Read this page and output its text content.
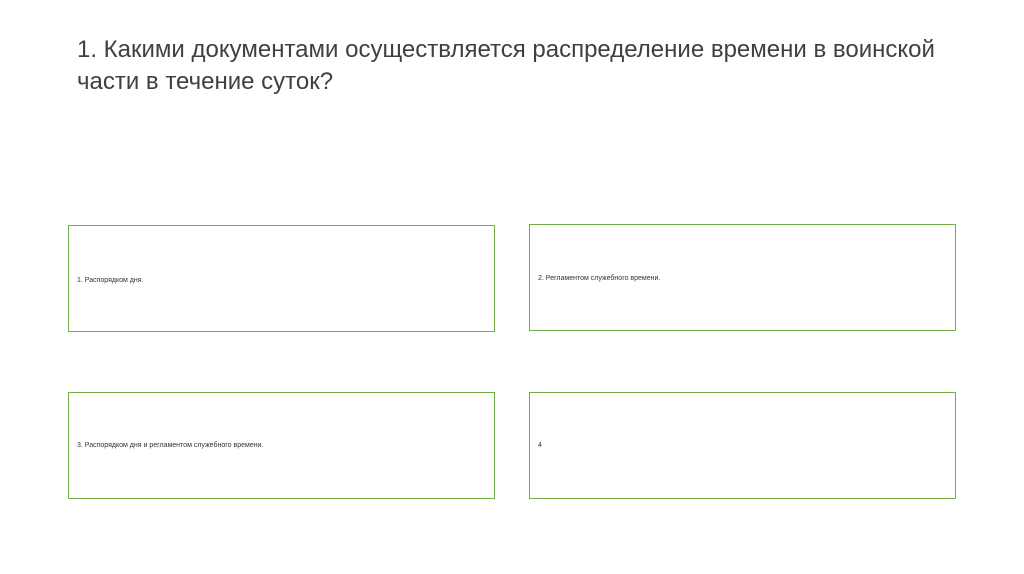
1. Какими документами осуществляется распределение времени в воинской части в течение суток?
1. Распорядком дня.	2. Регламентом служебного времени.
3. Распорядком дня и регламентом служебного времени.	4
